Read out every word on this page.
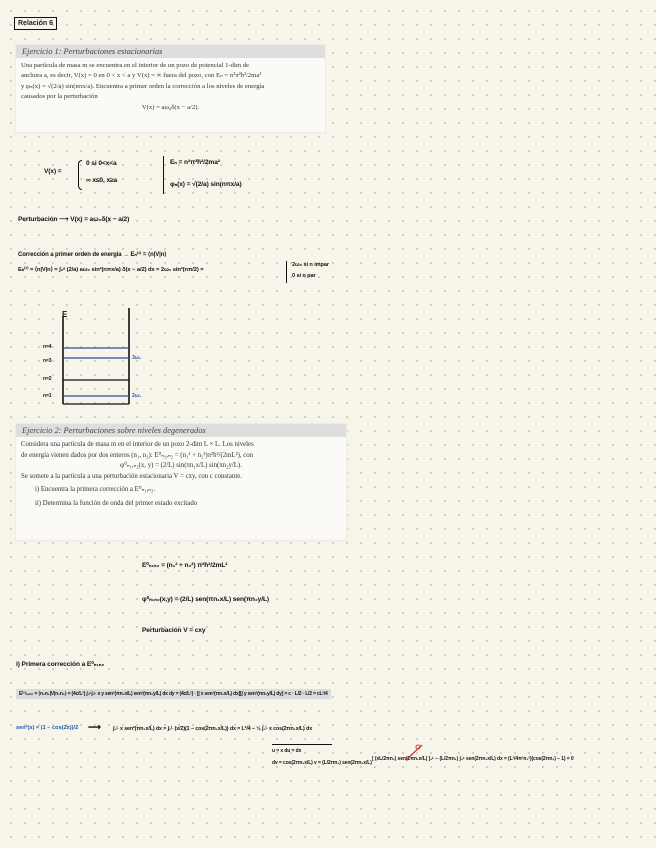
Relación 6
Ejercicio 1: Perturbaciones estacionarias
Una partícula de masa m se encuentra en el interior de un pozo de potencial 1-dim de
anchura a, es decir, V(x) = 0 en 0 < x < a y V(x) = ∞ fuera del pozo, con Eₙ = n²π²ħ²/2ma²
y φₙ(x) = √(2/a) sin(nπx/a). Encuentra a primer orden la corrección a los niveles de energía
causados por la perturbación
V(x) = aω₀δ(x − a/2).
V(x) =
0 si 0<x<a
∞ x≤0, x≥a
Eₙ = n²π²ħ²/2ma²
φₙ(x) = √(2/a) sin(nπx/a)
Perturbación ⟶ V(x) = aω₀δ(x − a/2)
Corrección a primer orden de energía → Eₙ⁽¹⁾ = ⟨n|V|n⟩
Eₙ⁽¹⁾ = ⟨n|V|n⟩ = ∫₀ᵃ (2/a) aω₀ sin²(nπx/a) δ(x − a/2) dx = 2ω₀ sin²(nπ/2) =
2ω₀ si n impar
0 si n par
E
n=4
n=3
n=2
n=1
3ω₀
2ω₀
Ejercicio 2: Perturbaciones sobre niveles degenerados
Considera una partícula de masa m en el interior de un pozo 2-dim L × L. Los niveles
de energía vienen dados por dos enteros (n₁, n₂): E⁰ₙ₁,ₙ₂ = (n₁² + n₂²)π²ħ²/(2mL²), con
φ⁰ₙ₁,ₙ₂(x, y) = (2/L) sin(πn₁x/L) sin(πn₂y/L).
Se somete a la partícula a una perturbación estacionaria V = cxy, con c constante.
i) Encuentra la primera corrección a E⁰ₙ₁,ₙ₂.
ii) Determina la función de onda del primer estado excitado
E⁰ₙ₁ₙ₂ = (n₁² + n₂²) π²ħ²/2mL²
φ⁰ₙ₁ₙ₂(x,y) = (2/L) sen(πn₁x/L) sen(πn₂y/L)
Perturbación V = cxy
i) Primera corrección a E⁰ₙ₁ₙ₂
E⁽¹⁾ₙ₁ₙ₂ = ⟨n₁n₂|V|n₁n₂⟩ = (4c/L²) ∫₀ᴸ∫₀ᴸ x y sen²(πn₁x/L) sen²(πn₂y/L) dx dy = (4c/L²) · [∫ x sen²(πn₁x/L) dx][∫ y sen²(πn₂y/L) dy] = c · L/2 · L/2 = cL²/4
sen²(x) = (1 − cos(2x))/2 ⟶ ∫₀ᴸ x sen²(πn₁x/L) dx = ∫₀ᴸ (x/2)(1 − cos(2πn₁x/L)) dx = L²/4 − ½ ∫₀ᴸ x cos(2πn₁x/L) dx
u = x du = dx
dv = cos(2πn₁x/L) v = (L/2πn₁) sen(2πn₁x/L)
[ (xL/2πn₁) sen(2πn₁x/L) ]₀ᴸ − (L/2πn₁) ∫₀ᴸ sen(2πn₁x/L) dx = (L²/4π²n₁²)(cos(2πn₁) − 1) = 0
